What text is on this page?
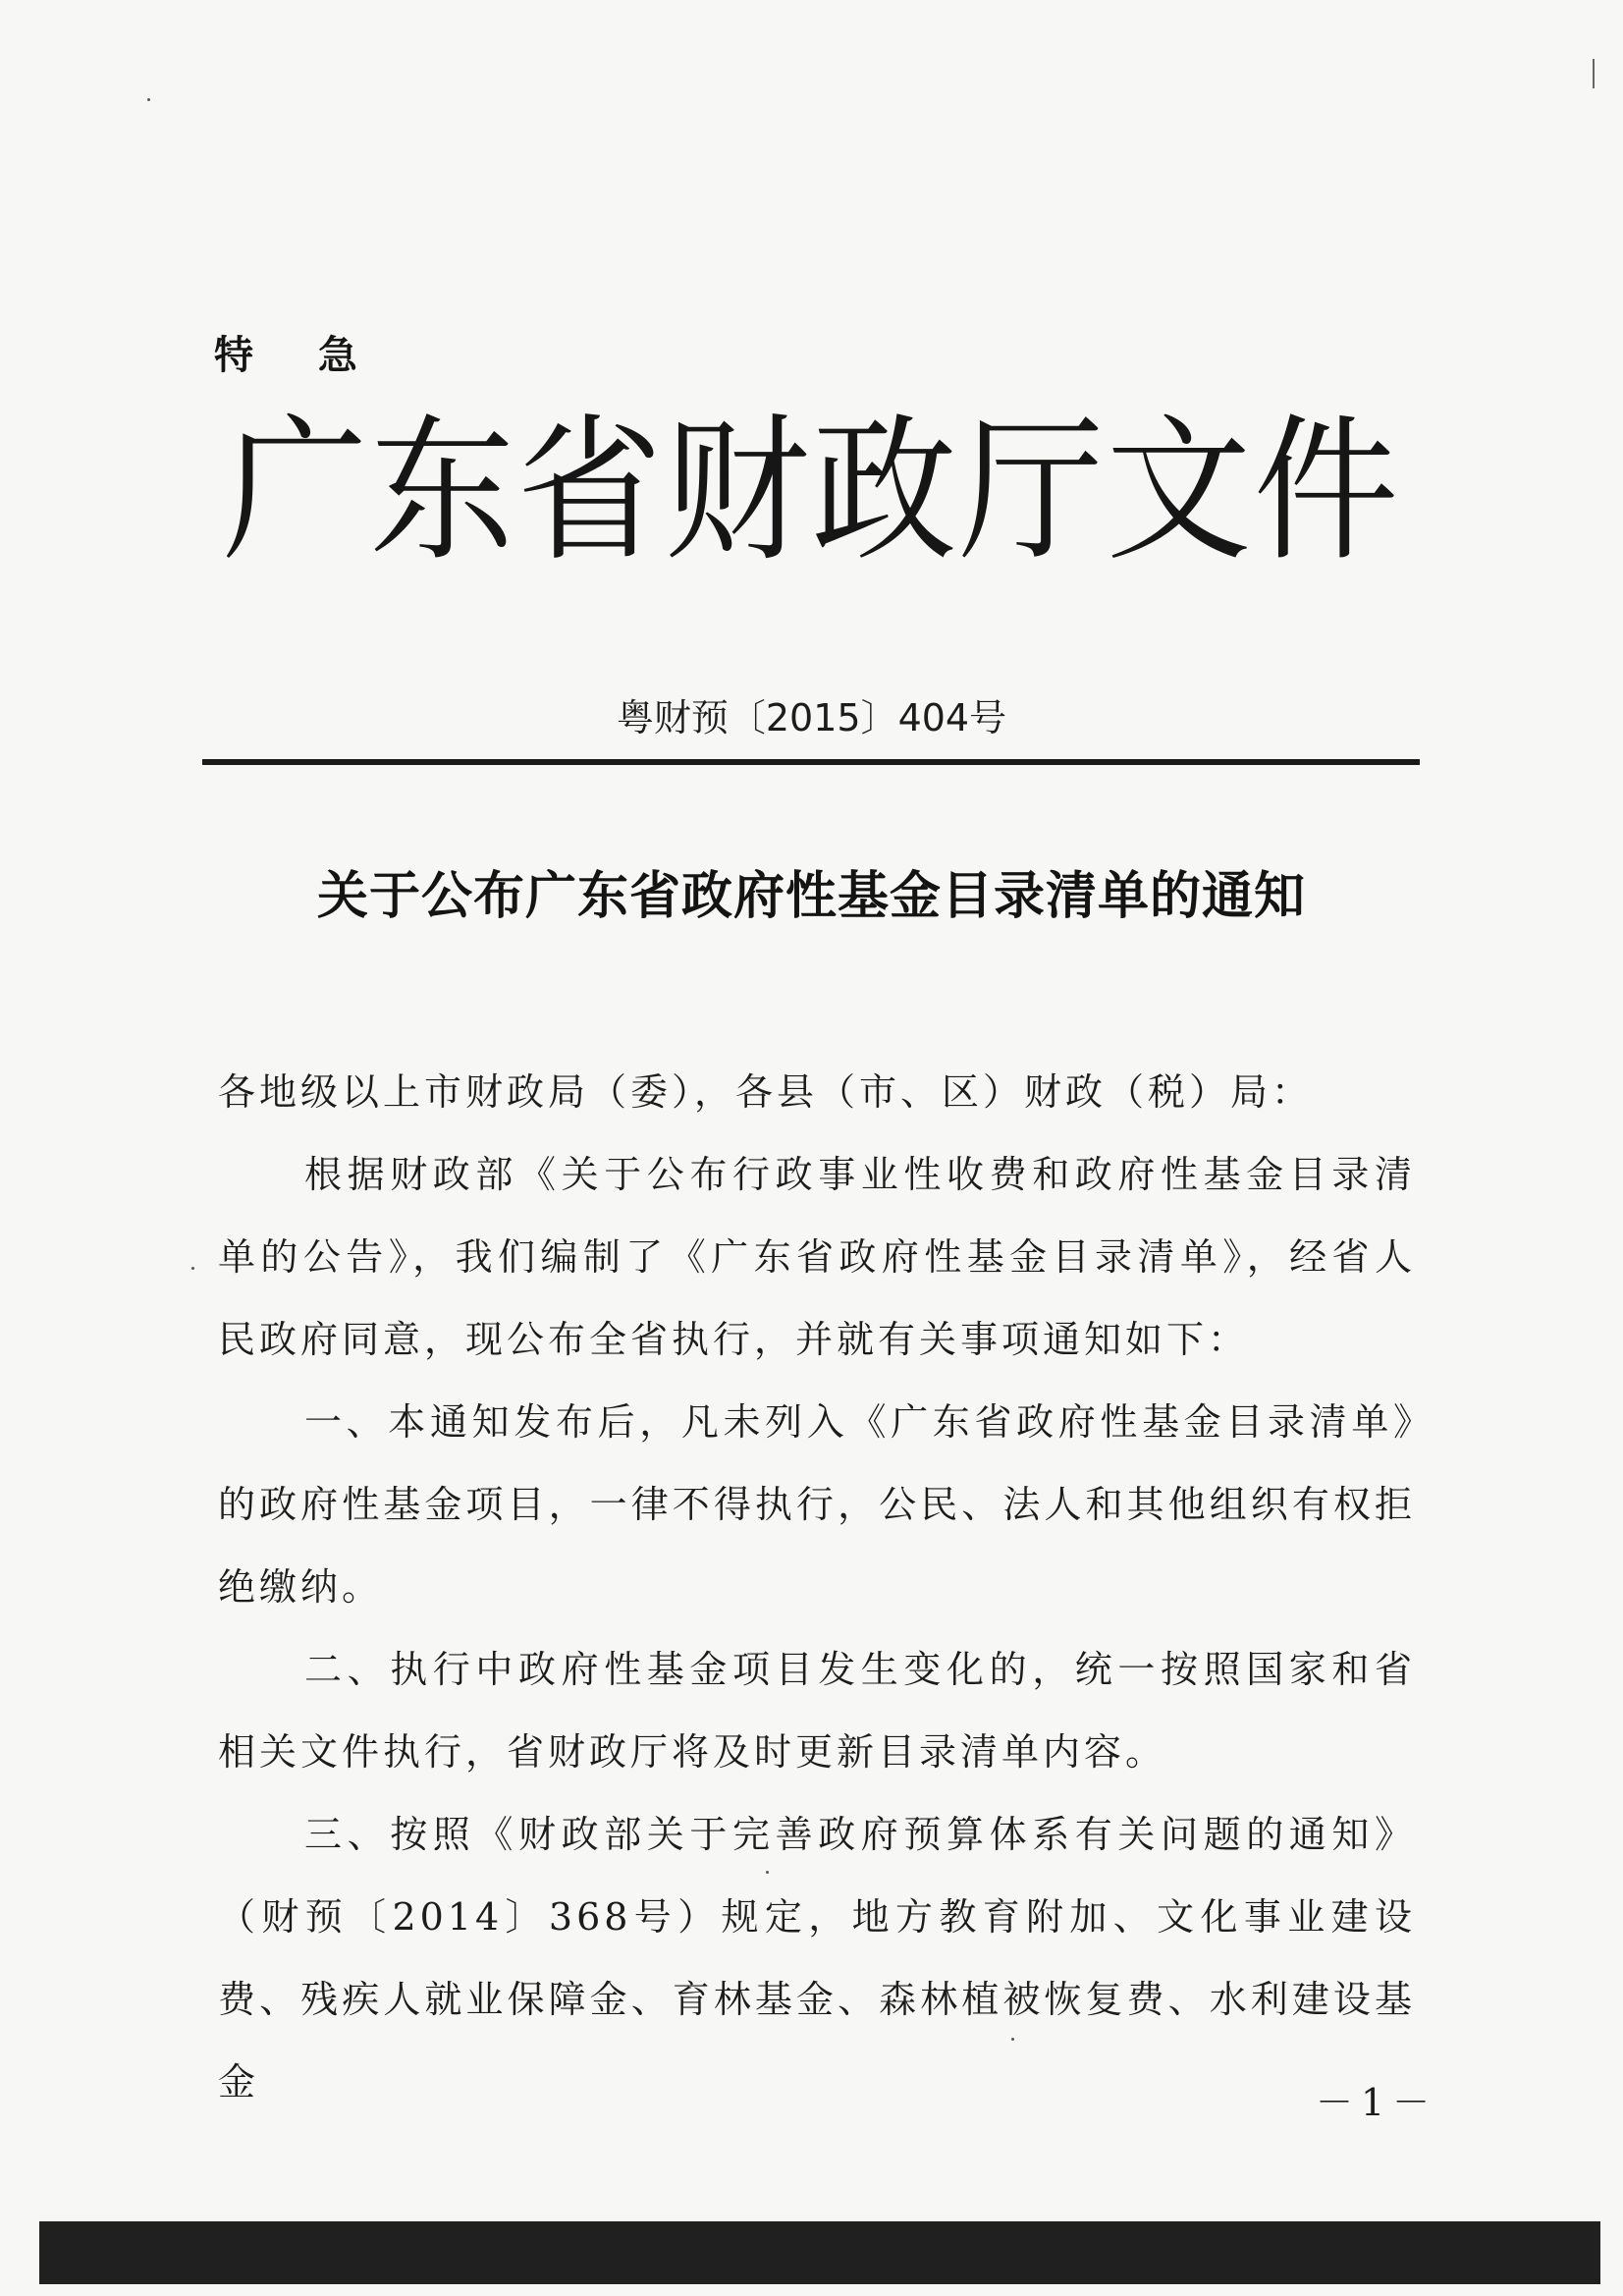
特 急
广东省财政厅文件
粤财预〔2015〕404号
关于公布广东省政府性基金目录清单的通知

各地级以上市财政局（委），各县（市、区）财政（税）局：

根据财政部《关于公布行政事业性收费和政府性基金目录清单的公告》，我们编制了《广东省政府性基金目录清单》，经省人民政府同意，现公布全省执行，并就有关事项通知如下：

一、本通知发布后，凡未列入《广东省政府性基金目录清单》的政府性基金项目，一律不得执行，公民、法人和其他组织有权拒绝缴纳。

二、执行中政府性基金项目发生变化的，统一按照国家和省相关文件执行，省财政厅将及时更新目录清单内容。

三、按照《财政部关于完善政府预算体系有关问题的通知》（财预〔2014〕368号）规定，地方教育附加、文化事业建设费、残疾人就业保障金、育林基金、森林植被恢复费、水利建设基金	－1－
